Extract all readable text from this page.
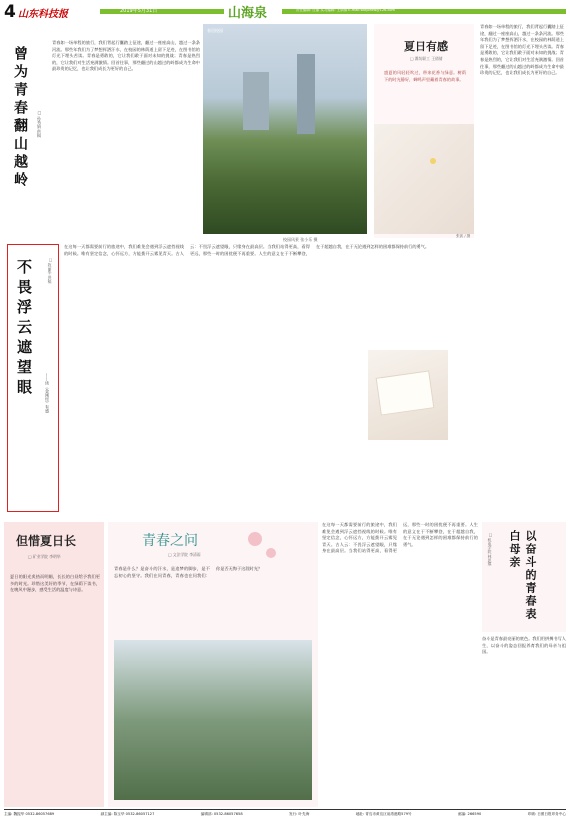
4 山东科技报	2019年5月31日	山海泉	责任编辑: 任丽 实习编辑: 王倩倩 E-mail:sdkjbhtw@126.com
曾为青春翻山越岭	□ 孙秀娟 供稿
青春如一场单程的旅行，我们背起行囊踏上征途，翻过一座座高山，越过一条条河流。那些年我们为了梦想挥洒汗水，在校园的林荫道上留下足迹，在图书馆的灯光下埋头苦读。青春是勇敢的，它让我们敢于面对未知的挑战；青春是热烈的，它让我们对生活充满激情。回首往事，那些翻过的山越过的岭都成为生命中最珍贵的记忆，也让我们成长为更好的自己。
春回校园
校园风景 张小乐 摄
夏日有感
□ 潍坊职工 王倩倩
盛夏的风轻轻吹过，带来花香与绿意。树荫下的时光静好，蝉鸣声里藏着青春的故事。
张凯 / 摄
青春如一场单程的旅行，我们背起行囊踏上征途，翻过一座座高山，越过一条条河流。那些年我们为了梦想挥洒汗水，在校园的林荫道上留下足迹，在图书馆的灯光下埋头苦读。青春是勇敢的，它让我们敢于面对未知的挑战；青春是热烈的，它让我们对生活充满激情。回首往事，那些翻过的山越过的岭都成为生命中最珍贵的记忆，也让我们成长为更好的自己。
不畏浮云遮望眼	——读《金刚经》有感
□ 陈丽华 供稿
在这每一天都需要前行的旅途中，我们难免会遇到浮云遮挡视线的时候。唯有坚定信念，心怀远方，方能拨开云雾见青天。古人云：不畏浮云遮望眼，只缘身在最高层。当我们站得更高，看得更远，那些一时的困扰便不再重要。人生的意义在于不断攀登，在于超越自我，在于无论遇到怎样的困难都保持前行的勇气。
但惜夏日长
□ 矿业学院 李明华
夏日的阳光炙热而明媚，长长的白昼给予我们更多的时光。珍惜这美好的季节，在绿荫下读书，在晚风中漫步，感受生活的温度与诗意。
青春之问
□ 文法学院 李清雨
青春是什么？是奋斗的汗水，是追梦的脚步，是不忘初心的坚守。我们在问青春，青春也在问我们：你是否无悔于这段时光？
在这每一天都需要前行的旅途中，我们难免会遇到浮云遮挡视线的时候。唯有坚定信念，心怀远方，方能拨开云雾见青天。古人云：不畏浮云遮望眼，只缘身在最高层。当我们站得更高，看得更远，那些一时的困扰便不再重要。人生的意义在于不断攀登，在于超越自我，在于无论遇到怎样的困难都保持前行的勇气。	以奋斗的青春表白母亲
□ 机电学院 林思琪
奋斗是青春最亮丽的底色。我们用拼搏书写人生，以奋斗的姿态回报养育我们的母亲与祖国。
主编: 魏振华 0532-86057689	副主编: 陈玉华 0532-86057127	编辑部: 0532-86057658	发行: 叶先海	地址: 青岛市黄岛区前湾港路579号	邮编: 266590	印刷: 日照日报印务中心
